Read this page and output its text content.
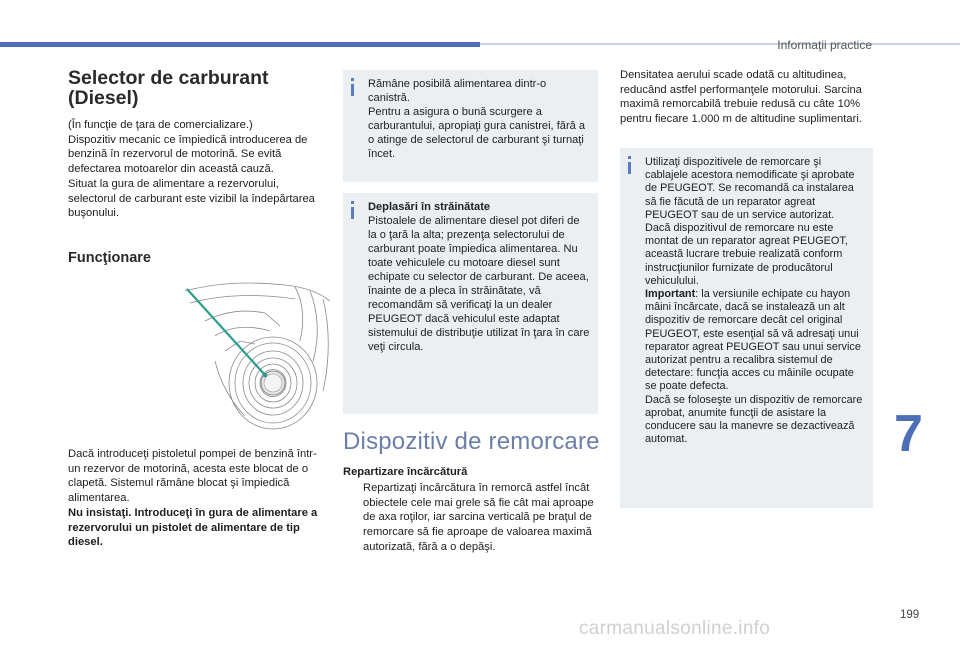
Informaţii practice
Selector de carburant (Diesel)
(În funcţie de ţara de comercializare.)
Dispozitiv mecanic ce împiedică introducerea de benzină în rezervorul de motorină. Se evită defectarea motoarelor din această cauză.
Situat la gura de alimentare a rezervorului, selectorul de carburant este vizibil la îndepărtarea buşonului.
Funcţionare
Dacă introduceţi pistoletul pompei de benzină într-un rezervor de motorină, acesta este blocat de o clapetă. Sistemul rămâne blocat şi împiedică alimentarea.
Nu insistaţi. Introduceţi în gura de alimentare a rezervorului un pistolet de alimentare de tip diesel.
Rămâne posibilă alimentarea dintr-o canistră.
Pentru a asigura o bună scurgere a carburantului, apropiaţi gura canistrei, fără a o atinge de selectorul de carburant şi turnaţi încet.
Deplasări în străinătate
Pistoalele de alimentare diesel pot diferi de la o ţară la alta; prezenţa selectorului de carburant poate împiedica alimentarea. Nu toate vehiculele cu motoare diesel sunt echipate cu selector de carburant. De aceea, înainte de a pleca în străinătate, vă recomandăm să verificaţi la un dealer PEUGEOT dacă vehiculul este adaptat sistemului de distribuţie utilizat în ţara în care veţi circula.
Dispozitiv de remorcare
Repartizare încărcătură
Repartizaţi încărcătura în remorcă astfel încât obiectele cele mai grele să fie cât mai aproape de axa roţilor, iar sarcina verticală pe braţul de remorcare să fie aproape de valoarea maximă autorizată, fără a o depăşi.
Densitatea aerului scade odată cu altitudinea, reducând astfel performanţele motorului. Sarcina maximă remorcabilă trebuie redusă cu câte 10% pentru fiecare 1.000 m de altitudine suplimentari.
Utilizaţi dispozitivele de remorcare şi cablajele acestora nemodificate şi aprobate de PEUGEOT. Se recomandă ca instalarea să fie făcută de un reparator agreat PEUGEOT sau de un service autorizat.
Dacă dispozitivul de remorcare nu este montat de un reparator agreat PEUGEOT, această lucrare trebuie realizată conform instrucţiunilor furnizate de producătorul vehiculului.
Important: la versiunile echipate cu hayon mâini încărcate, dacă se instalează un alt dispozitiv de remorcare decât cel original PEUGEOT, este esenţial să vă adresaţi unui reparator agreat PEUGEOT sau unui service autorizat pentru a recalibra sistemul de detectare: funcţia acces cu mâinile ocupate se poate defecta.
Dacă se foloseşte un dispozitiv de remorcare aprobat, anumite funcţii de asistare la conducere sau la manevre se dezactivează automat.	7
199
carmanualsonline.info
